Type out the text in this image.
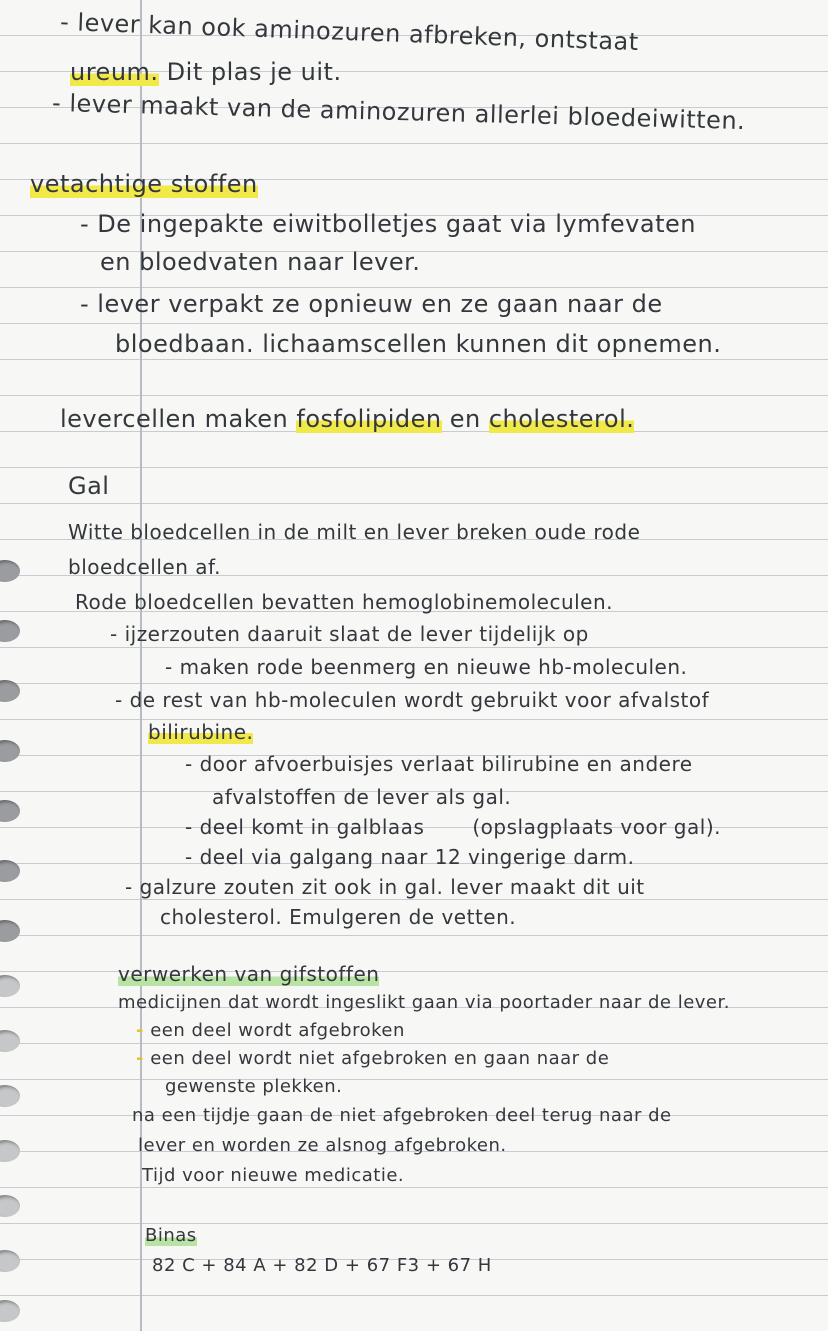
- lever kan ook aminozuren afbreken, ontstaat

ureum. Dit plas je uit.

- lever maakt van de aminozuren allerlei bloedeiwitten.

vetachtige stoffen

- De ingepakte eiwitbolletjes gaat via lymfevaten

en bloedvaten naar lever.

- lever verpakt ze opnieuw en ze gaan naar de

bloedbaan. lichaamscellen kunnen dit opnemen.

levercellen maken fosfolipiden en cholesterol.

Gal

Witte bloedcellen in de milt en lever breken oude rode

bloedcellen af.

Rode bloedcellen bevatten hemoglobinemoleculen.

- ijzerzouten daaruit slaat de lever tijdelijk op

- maken rode beenmerg en nieuwe hb-moleculen.

- de rest van hb-moleculen wordt gebruikt voor afvalstof

bilirubine.

- door afvoerbuisjes verlaat bilirubine en andere

afvalstoffen de lever als gal.

- deel komt in galblaas (opslagplaats voor gal).

- deel via galgang naar 12 vingerige darm.

- galzure zouten zit ook in gal. lever maakt dit uit

cholesterol. Emulgeren de vetten.

verwerken van gifstoffen

medicijnen dat wordt ingeslikt gaan via poortader naar de lever.

- een deel wordt afgebroken

- een deel wordt niet afgebroken en gaan naar de

gewenste plekken.

na een tijdje gaan de niet afgebroken deel terug naar de

lever en worden ze alsnog afgebroken.

Tijd voor nieuwe medicatie.

Binas

82 C + 84 A + 82 D + 67 F3 + 67 H
